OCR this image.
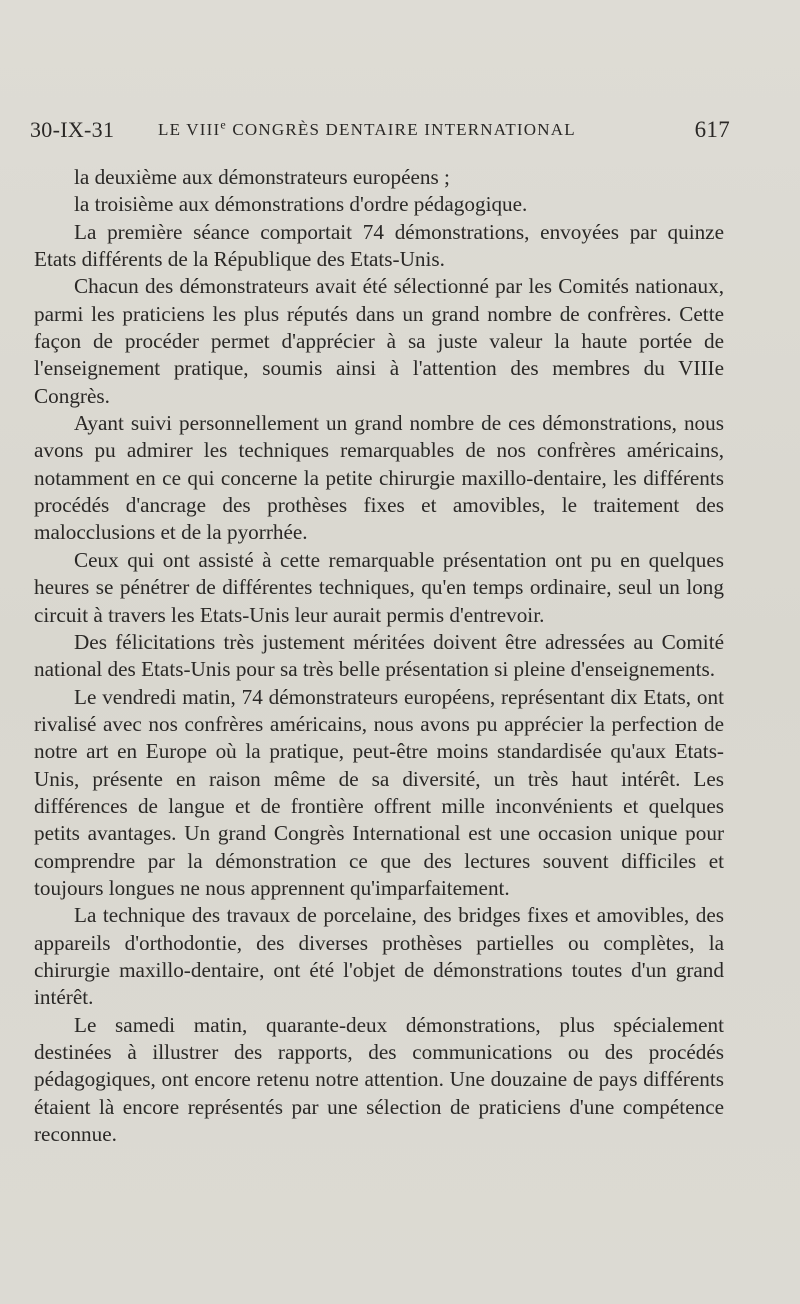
30-IX-31	LE VIIIe CONGRÈS DENTAIRE INTERNATIONAL	617

la deuxième aux démonstrateurs européens ;

la troisième aux démonstrations d'ordre pédagogique.

La première séance comportait 74 démonstrations, envoyées par quinze Etats différents de la République des Etats-Unis.

Chacun des démonstrateurs avait été sélectionné par les Comités nationaux, parmi les praticiens les plus réputés dans un grand nombre de confrères. Cette façon de procéder permet d'apprécier à sa juste valeur la haute portée de l'enseignement pratique, soumis ainsi à l'attention des membres du VIIIe Congrès.

Ayant suivi personnellement un grand nombre de ces démonstrations, nous avons pu admirer les techniques remarquables de nos confrères américains, notamment en ce qui concerne la petite chirurgie maxillo-dentaire, les différents procédés d'ancrage des prothèses fixes et amovibles, le traitement des malocclusions et de la pyorrhée.

Ceux qui ont assisté à cette remarquable présentation ont pu en quelques heures se pénétrer de différentes techniques, qu'en temps ordinaire, seul un long circuit à travers les Etats-Unis leur aurait permis d'entrevoir.

Des félicitations très justement méritées doivent être adressées au Comité national des Etats-Unis pour sa très belle présentation si pleine d'enseignements.

Le vendredi matin, 74 démonstrateurs européens, représentant dix Etats, ont rivalisé avec nos confrères américains, nous avons pu apprécier la perfection de notre art en Europe où la pratique, peut-être moins standardisée qu'aux Etats-Unis, présente en raison même de sa diversité, un très haut intérêt. Les différences de langue et de frontière offrent mille inconvénients et quelques petits avantages. Un grand Congrès International est une occasion unique pour comprendre par la démonstration ce que des lectures souvent difficiles et toujours longues ne nous apprennent qu'imparfaitement.

La technique des travaux de porcelaine, des bridges fixes et amovibles, des appareils d'orthodontie, des diverses prothèses partielles ou complètes, la chirurgie maxillo-dentaire, ont été l'objet de démonstrations toutes d'un grand intérêt.

Le samedi matin, quarante-deux démonstrations, plus spécialement destinées à illustrer des rapports, des communications ou des procédés pédagogiques, ont encore retenu notre attention. Une douzaine de pays différents étaient là encore représentés par une sélection de praticiens d'une compétence reconnue.
